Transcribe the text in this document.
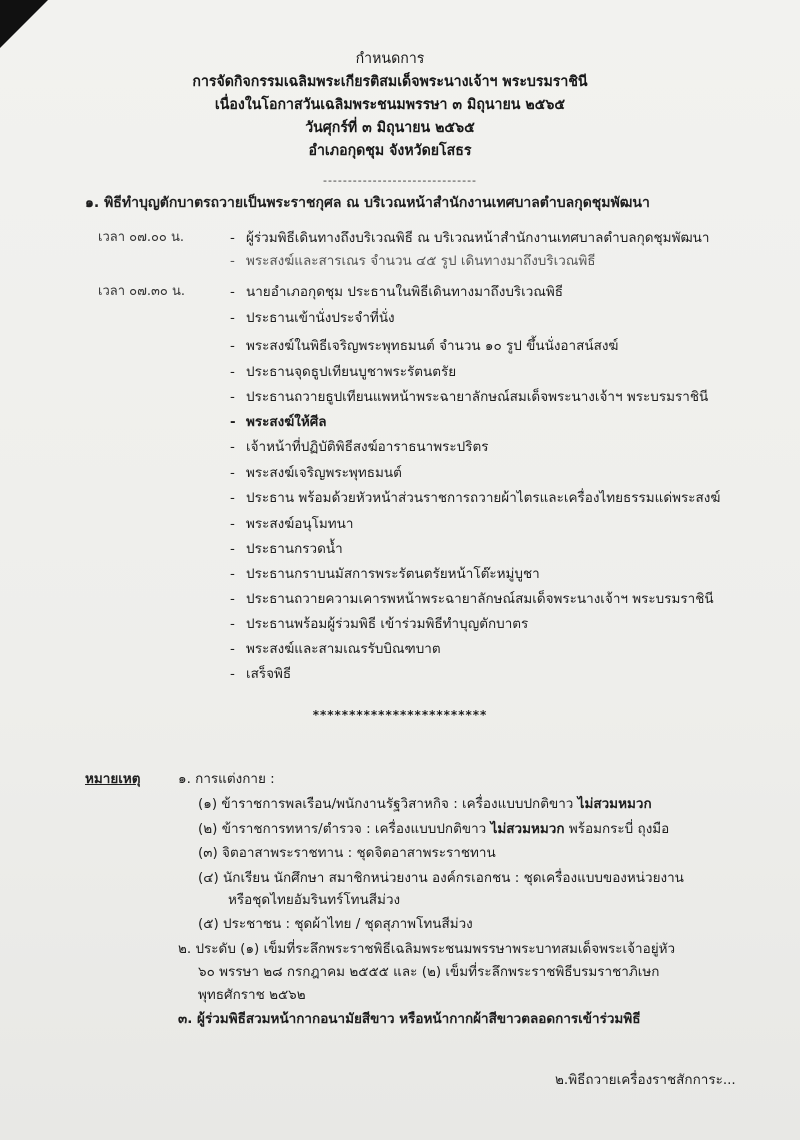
กำหนดการ
การจัดกิจกรรมเฉลิมพระเกียรติสมเด็จพระนางเจ้าฯ พระบรมราชินี
เนื่องในโอกาสวันเฉลิมพระชนมพรรษา ๓ มิถุนายน ๒๕๖๕
วันศุกร์ที่ ๓ มิถุนายน ๒๕๖๕
อำเภอกุดชุม จังหวัดยโสธร
-------------------------------
๑. พิธีทำบุญตักบาตรถวายเป็นพระราชกุศล ณ บริเวณหน้าสำนักงานเทศบาลตำบลกุดชุมพัฒนา
เวลา ๐๗.๐๐ น.	- ผู้ร่วมพิธีเดินทางถึงบริเวณพิธี ณ บริเวณหน้าสำนักงานเทศบาลตำบลกุดชุมพัฒนา
- พระสงฆ์และสารเณร จำนวน ๔๕ รูป เดินทางมาถึงบริเวณพิธี
เวลา ๐๗.๓๐ น.	- นายอำเภอกุดชุม ประธานในพิธีเดินทางมาถึงบริเวณพิธี
- ประธานเข้านั่งประจำที่นั่ง
- พระสงฆ์ในพิธีเจริญพระพุทธมนต์ จำนวน ๑๐ รูป ขึ้นนั่งอาสน์สงฆ์
- ประธานจุดธูปเทียนบูชาพระรัตนตรัย
- ประธานถวายธูปเทียนแพหน้าพระฉายาลักษณ์สมเด็จพระนางเจ้าฯ พระบรมราชินี
- พระสงฆ์ให้ศีล
- เจ้าหน้าที่ปฏิบัติพิธีสงฆ์อาราธนาพระปริตร
- พระสงฆ์เจริญพระพุทธมนต์
- ประธาน พร้อมด้วยหัวหน้าส่วนราชการถวายผ้าไตรและเครื่องไทยธรรมแด่พระสงฆ์
- พระสงฆ์อนุโมทนา
- ประธานกรวดน้ำ
- ประธานกราบนมัสการพระรัตนตรัยหน้าโต๊ะหมู่บูชา
- ประธานถวายความเคารพหน้าพระฉายาลักษณ์สมเด็จพระนางเจ้าฯ พระบรมราชินี
- ประธานพร้อมผู้ร่วมพิธี เข้าร่วมพิธีทำบุญตักบาตร
- พระสงฆ์และสามเณรรับบิณฑบาต
- เสร็จพิธี
************************
หมายเหตุ	๑. การแต่งกาย :
(๑) ข้าราชการพลเรือน/พนักงานรัฐวิสาหกิจ : เครื่องแบบปกติขาว ไม่สวมหมวก
(๒) ข้าราชการทหาร/ตำรวจ : เครื่องแบบปกติขาว ไม่สวมหมวก พร้อมกระบี่ ถุงมือ
(๓) จิตอาสาพระราชทาน : ชุดจิตอาสาพระราชทาน
(๔) นักเรียน นักศึกษา สมาชิกหน่วยงาน องค์กรเอกชน : ชุดเครื่องแบบของหน่วยงาน
หรือชุดไทยอัมรินทร์โทนสีม่วง
(๕) ประชาชน : ชุดผ้าไทย / ชุดสุภาพโทนสีม่วง
๒. ประดับ (๑) เข็มที่ระลึกพระราชพิธีเฉลิมพระชนมพรรษาพระบาทสมเด็จพระเจ้าอยู่หัว
๖๐ พรรษา ๒๘ กรกฎาคม ๒๕๕๕ และ (๒) เข็มที่ระลึกพระราชพิธีบรมราชาภิเษก
พุทธศักราช ๒๕๖๒
๓. ผู้ร่วมพิธีสวมหน้ากากอนามัยสีขาว หรือหน้ากากผ้าสีขาวตลอดการเข้าร่วมพิธี
๒.พิธีถวายเครื่องราชสักการะ...
